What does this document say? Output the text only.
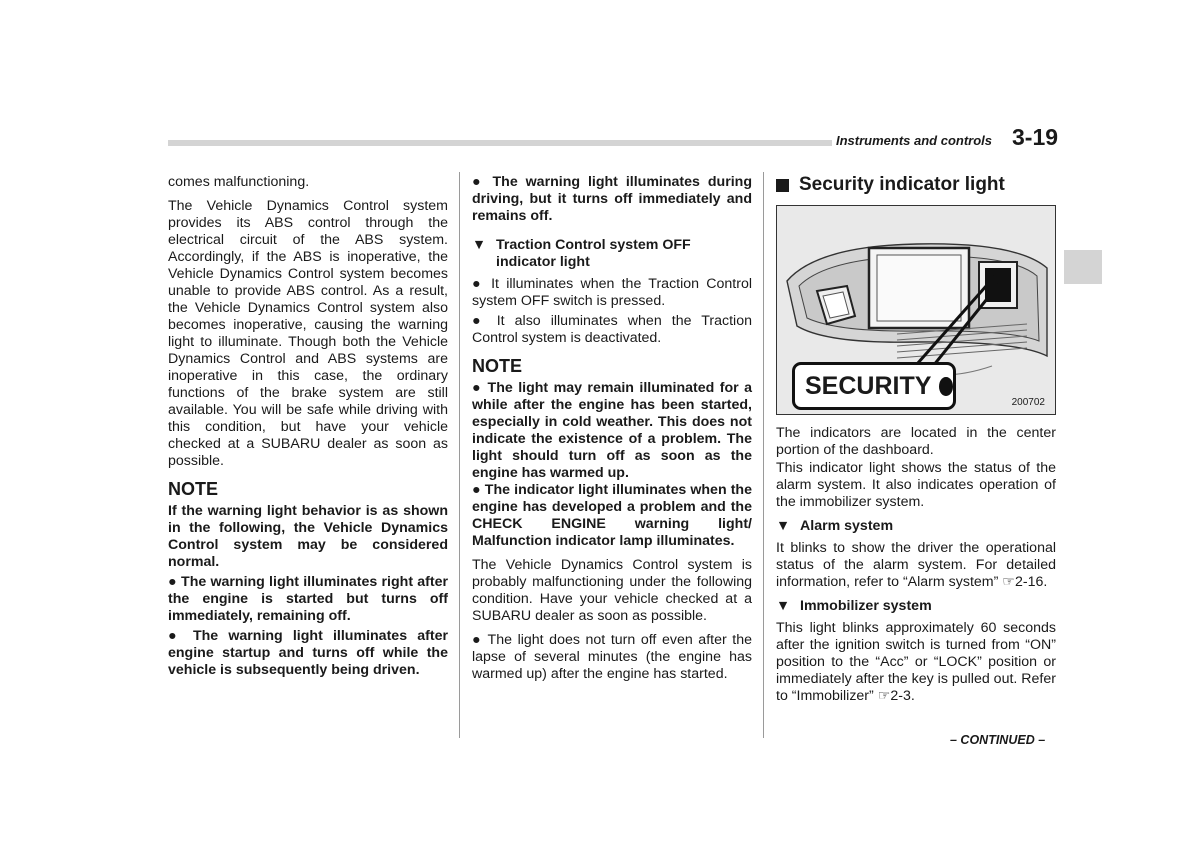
Instruments and controls 3-19

comes malfunctioning.

The Vehicle Dynamics Control system provides its ABS control through the electrical circuit of the ABS system. Accordingly, if the ABS is inoperative, the Vehicle Dynamics Control system becomes unable to provide ABS control. As a result, the Vehicle Dynamics Control system also becomes inoperative, causing the warning light to illuminate. Though both the Vehicle Dynamics Control and ABS systems are inoperative in this case, the ordinary functions of the brake system are still available. You will be safe while driving with this condition, but have your vehicle checked at a SUBARU dealer as soon as possible.

NOTE

If the warning light behavior is as shown in the following, the Vehicle Dynamics Control system may be considered normal.

● The warning light illuminates right after the engine is started but turns off immediately, remaining off.

● The warning light illuminates after engine startup and turns off while the vehicle is subsequently being driven.

● The warning light illuminates during driving, but it turns off immediately and remains off.

▼ Traction Control system OFF indicator light

● It illuminates when the Traction Control system OFF switch is pressed.

● It also illuminates when the Traction Control system is deactivated.

NOTE

● The light may remain illuminated for a while after the engine has been started, especially in cold weather. This does not indicate the existence of a problem. The light should turn off as soon as the engine has warmed up.

● The indicator light illuminates when the engine has developed a problem and the CHECK ENGINE warning light/ Malfunction indicator lamp illuminates.

The Vehicle Dynamics Control system is probably malfunctioning under the following condition. Have your vehicle checked at a SUBARU dealer as soon as possible.

● The light does not turn off even after the lapse of several minutes (the engine has warmed up) after the engine has started.

Security indicator light
SECURITY
200702

The indicators are located in the center portion of the dashboard.

This indicator light shows the status of the alarm system. It also indicates operation of the immobilizer system.

▼ Alarm system

It blinks to show the driver the operational status of the alarm system. For detailed information, refer to “Alarm system” ☞2-16.

▼ Immobilizer system

This light blinks approximately 60 seconds after the ignition switch is turned from “ON” position to the “Acc” or “LOCK” position or immediately after the key is pulled out. Refer to “Immobilizer” ☞2-3.

– CONTINUED –
